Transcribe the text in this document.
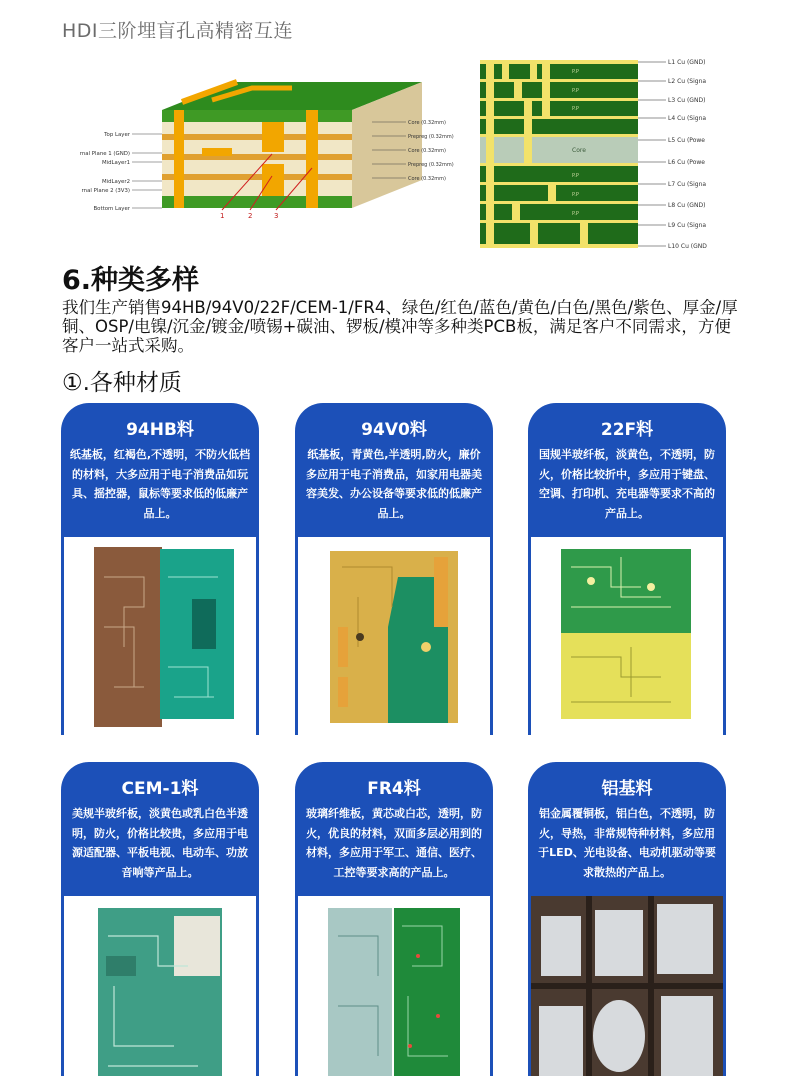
HDI三阶埋盲孔高精密互连
Top Layer
rnal Plane 1 (GND)
MidLayer1
MidLayer2
rnal Plane 2 (3V3)
Bottom Layer
Core (0.32mm)
Prepreg (0.32mm)
Core (0.32mm)
Prepreg (0.32mm)
Core (0.32mm)
1	2	3
L1 Cu (GND)
L2 Cu (Signa
L3 Cu (GND)
L4 Cu (Signa
L5 Cu (Powe
L6 Cu (Powe
L7 Cu (Signa
L8 Cu (GND)
L9 Cu (Signa
L10 Cu (GND
P.P
P.P
P.P
Core
P.P
P.P
P.P
6.种类多样
我们生产销售94HB/94V0/22F/CEM-1/FR4、绿色/红色/蓝色/黄色/白色/黑色/紫色、厚金/厚铜、OSP/电镍/沉金/镀金/喷锡+碳油、锣板/模冲等多种类PCB板，满足客户不同需求，方便客户一站式采购。
①.各种材质
94HB料
纸基板，红褐色,不透明，不防火低档的材料，大多应用于电子消费品如玩具、摇控器，鼠标等要求低的低廉产品上。
94V0料
纸基板，青黄色,半透明,防火，廉价多应用于电子消费品，如家用电器美容美发、办公设备等要求低的低廉产品上。
22F料
国规半玻纤板，淡黄色，不透明，防火，价格比较折中，多应用于键盘、空调、打印机、充电器等要求不高的产品上。
CEM-1料
美规半玻纤板，淡黄色或乳白色半透明，防火，价格比较贵，多应用于电源适配器、平板电视、电动车、功放音响等产品上。
FR4料
玻璃纤维板，黄芯或白芯，透明，防火，优良的材料，双面多层必用到的材料，多应用于军工、通信、医疗、工控等要求高的产品上。
铝基料
铝金属覆铜板，铝白色，不透明，防火，导热，非常规特种材料，多应用于LED、光电设备、电动机驱动等要求散热的产品上。
